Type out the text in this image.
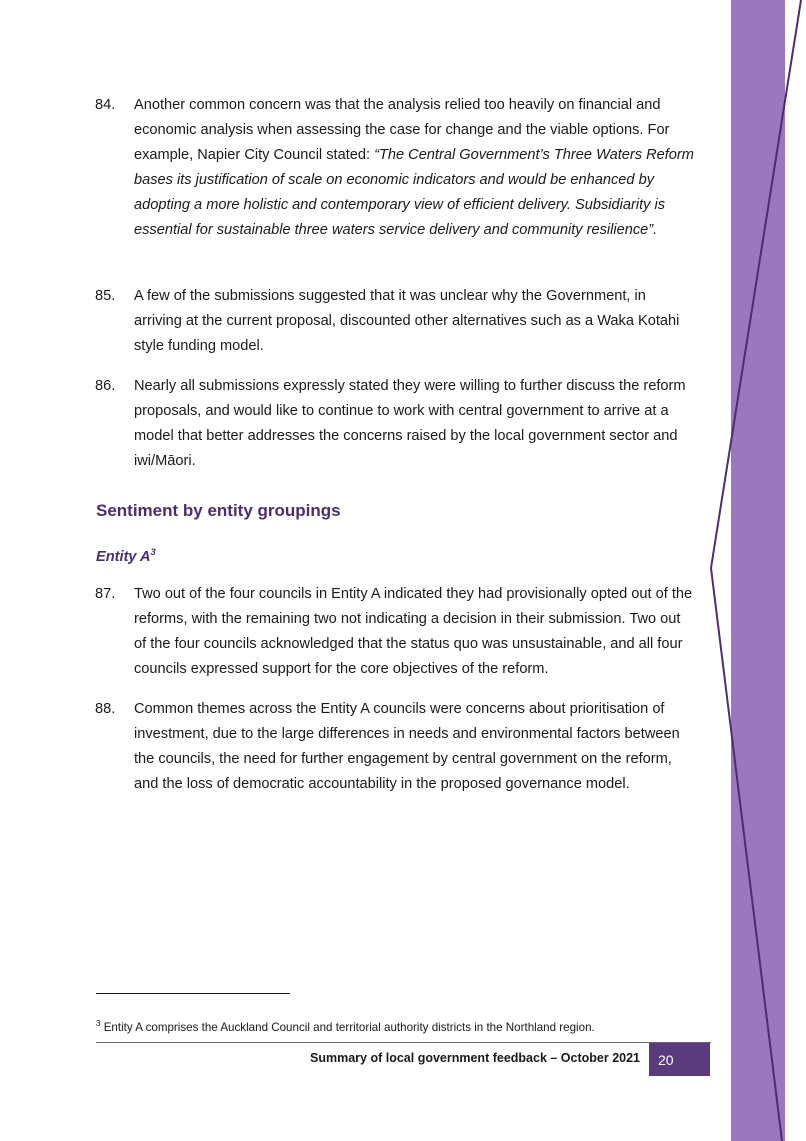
84. Another common concern was that the analysis relied too heavily on financial and economic analysis when assessing the case for change and the viable options. For example, Napier City Council stated: “The Central Government’s Three Waters Reform bases its justification of scale on economic indicators and would be enhanced by adopting a more holistic and contemporary view of efficient delivery. Subsidiarity is essential for sustainable three waters service delivery and community resilience”.
85. A few of the submissions suggested that it was unclear why the Government, in arriving at the current proposal, discounted other alternatives such as a Waka Kotahi style funding model.
86. Nearly all submissions expressly stated they were willing to further discuss the reform proposals, and would like to continue to work with central government to arrive at a model that better addresses the concerns raised by the local government sector and iwi/Māori.
Sentiment by entity groupings
Entity $A^3$
87. Two out of the four councils in Entity A indicated they had provisionally opted out of the reforms, with the remaining two not indicating a decision in their submission. Two out of the four councils acknowledged that the status quo was unsustainable, and all four councils expressed support for the core objectives of the reform.
88. Common themes across the Entity A councils were concerns about prioritisation of investment, due to the large differences in needs and environmental factors between the councils, the need for further engagement by central government on the reform, and the loss of democratic accountability in the proposed governance model.
$^3$ Entity A comprises the Auckland Council and territorial authority districts in the Northland region.
Summary of local government feedback – October 2021 20
